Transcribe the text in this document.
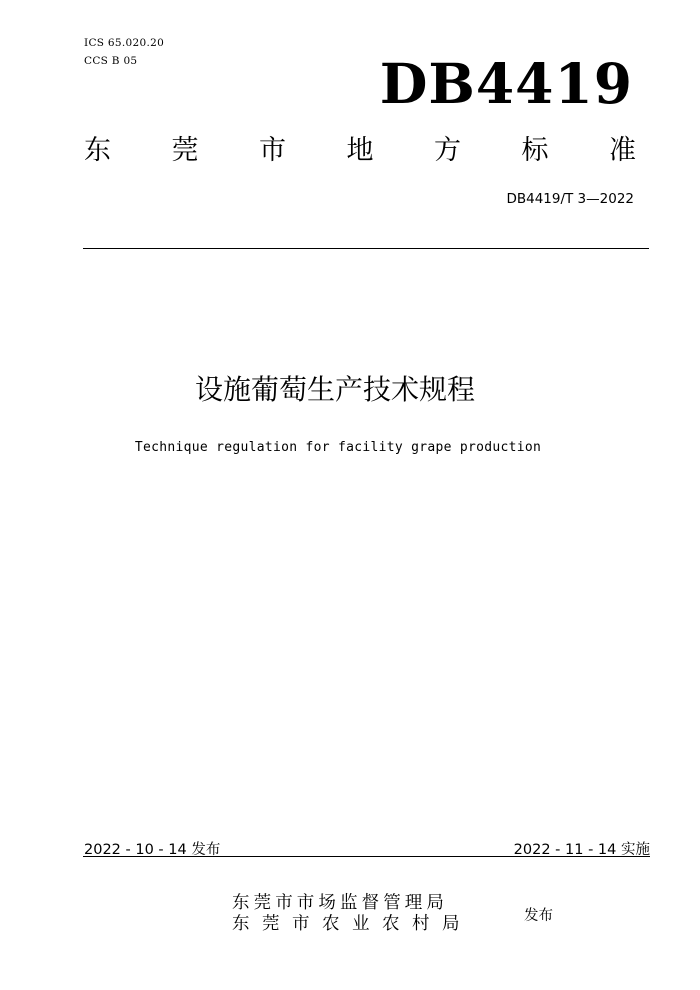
ICS 65.020.20
CCS B 05	DB4419
东 莞 市 地 方 标 准
DB4419/T 3—2022
设施葡萄生产技术规程
Technique regulation for facility grape production
2022 - 10 - 14 发布	2022 - 11 - 14 实施
东莞市市场监督管理局
东莞市农业农村局	发布
